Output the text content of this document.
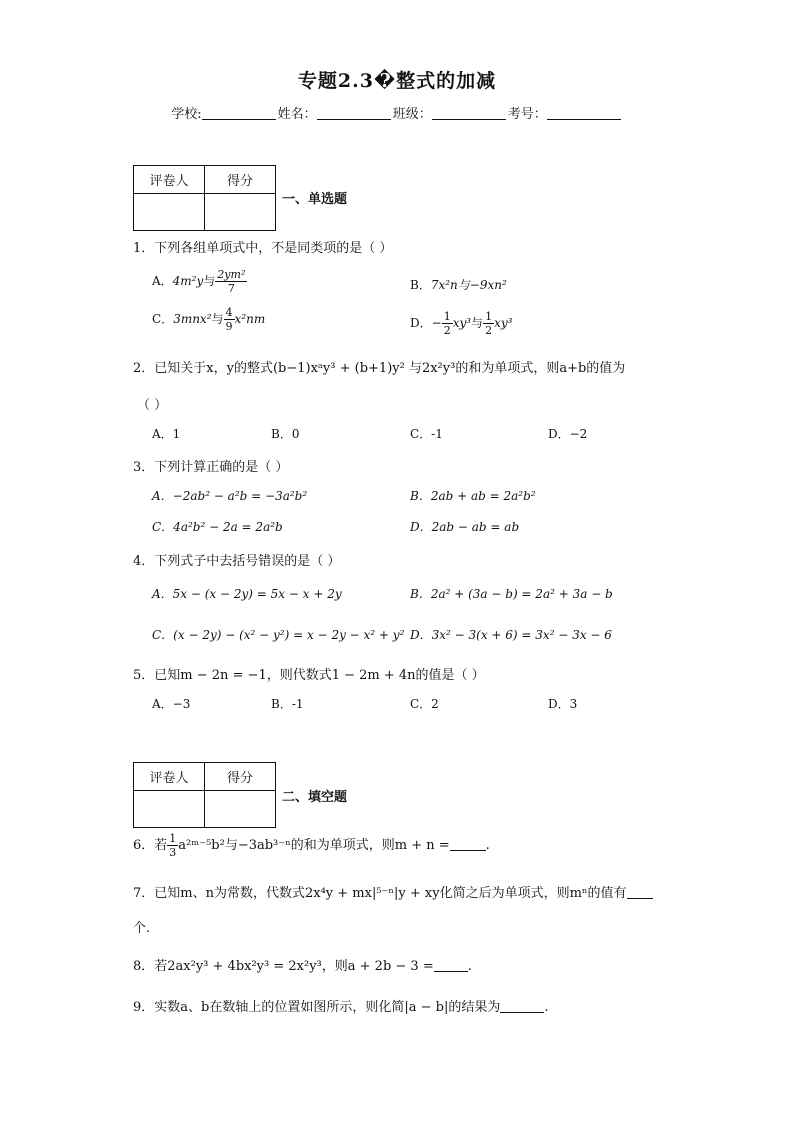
专题2.3�整式的加减
学校:	姓名：	班级：	考号：
评卷人	得分

一、单选题
1．下列各组单项式中，不是同类项的是（ ）
A．4m²y与 $\frac{\text{2ym²}}{7}$	B．7x²n与−9xn²
C．3mnx²与 $\frac{4}{9} x^2nm$	D．− $\frac{1}{2} xy^3$与 $\frac{1}{2} xy^3$
2．已知关于x，y的整式(b−1)xᵃy³ + (b+1)y² 与2x²y³的和为单项式，则a+b的值为
（ ）
A．1	B．0	C．-1	D．−2
3．下列计算正确的是（ ）
A．−2ab² − a²b = −3a²b²	B．2ab + ab = 2a²b²
C．4a²b² − 2a = 2a²b	D．2ab − ab = ab
4．下列式子中去括号错误的是（ ）
A．5x − (x − 2y) = 5x − x + 2y	B．2a² + (3a − b) = 2a² + 3a − b
C．(x − 2y) − (x² − y²) = x − 2y − x² + y² D．3x² − 3(x + 6) = 3x² − 3x − 6
5．已知m − 2n = −1，则代数式1 − 2m + 4n的值是（ ）
A．−3	B．-1	C．2	D．3
评卷人	得分

二、填空题
6．若 $\frac{1}{3}$ a²ᵐ⁻⁵b²与−3ab³⁻ⁿ的和为单项式，则m + n =	.
7．已知m、n为常数，代数式2x⁴y + mx|⁵⁻ⁿ|y + xy化简之后为单项式，则mⁿ的值有
个.
8．若2ax²y³ + 4bx²y³ = 2x²y³，则a + 2b − 3 =	.
9．实数a、b在数轴上的位置如图所示，则化简|a − b|的结果为	.
